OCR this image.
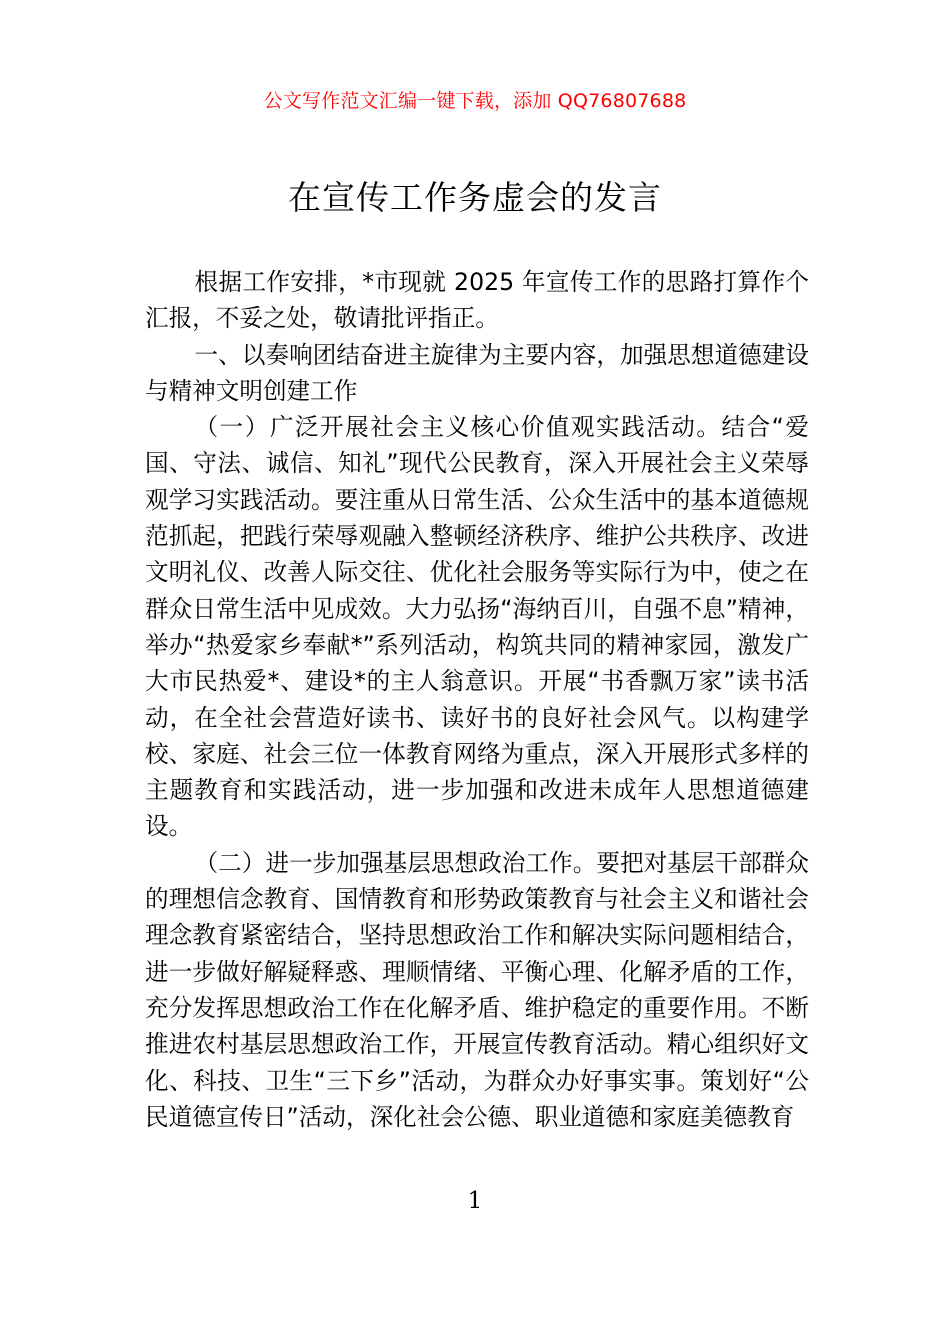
公文写作范文汇编一键下载，添加 QQ76807688
在宣传工作务虚会的发言

根据工作安排，*市现就 2025 年宣传工作的思路打算作个汇报，不妥之处，敬请批评指正。

一、以奏响团结奋进主旋律为主要内容，加强思想道德建设与精神文明创建工作

（一）广泛开展社会主义核心价值观实践活动。结合“爱国、守法、诚信、知礼”现代公民教育，深入开展社会主义荣辱观学习实践活动。要注重从日常生活、公众生活中的基本道德规范抓起，把践行荣辱观融入整顿经济秩序、维护公共秩序、改进文明礼仪、改善人际交往、优化社会服务等实际行为中，使之在群众日常生活中见成效。大力弘扬“海纳百川，自强不息”精神，举办“热爱家乡奉献*”系列活动，构筑共同的精神家园，激发广大市民热爱*、建设*的主人翁意识。开展“书香飘万家”读书活动，在全社会营造好读书、读好书的良好社会风气。以构建学校、家庭、社会三位一体教育网络为重点，深入开展形式多样的主题教育和实践活动，进一步加强和改进未成年人思想道德建设。

（二）进一步加强基层思想政治工作。要把对基层干部群众的理想信念教育、国情教育和形势政策教育与社会主义和谐社会理念教育紧密结合，坚持思想政治工作和解决实际问题相结合，进一步做好解疑释惑、理顺情绪、平衡心理、化解矛盾的工作，充分发挥思想政治工作在化解矛盾、维护稳定的重要作用。不断推进农村基层思想政治工作，开展宣传教育活动。精心组织好文化、科技、卫生“三下乡”活动，为群众办好事实事。策划好“公民道德宣传日”活动，深化社会公德、职业道德和家庭美德教育

1
